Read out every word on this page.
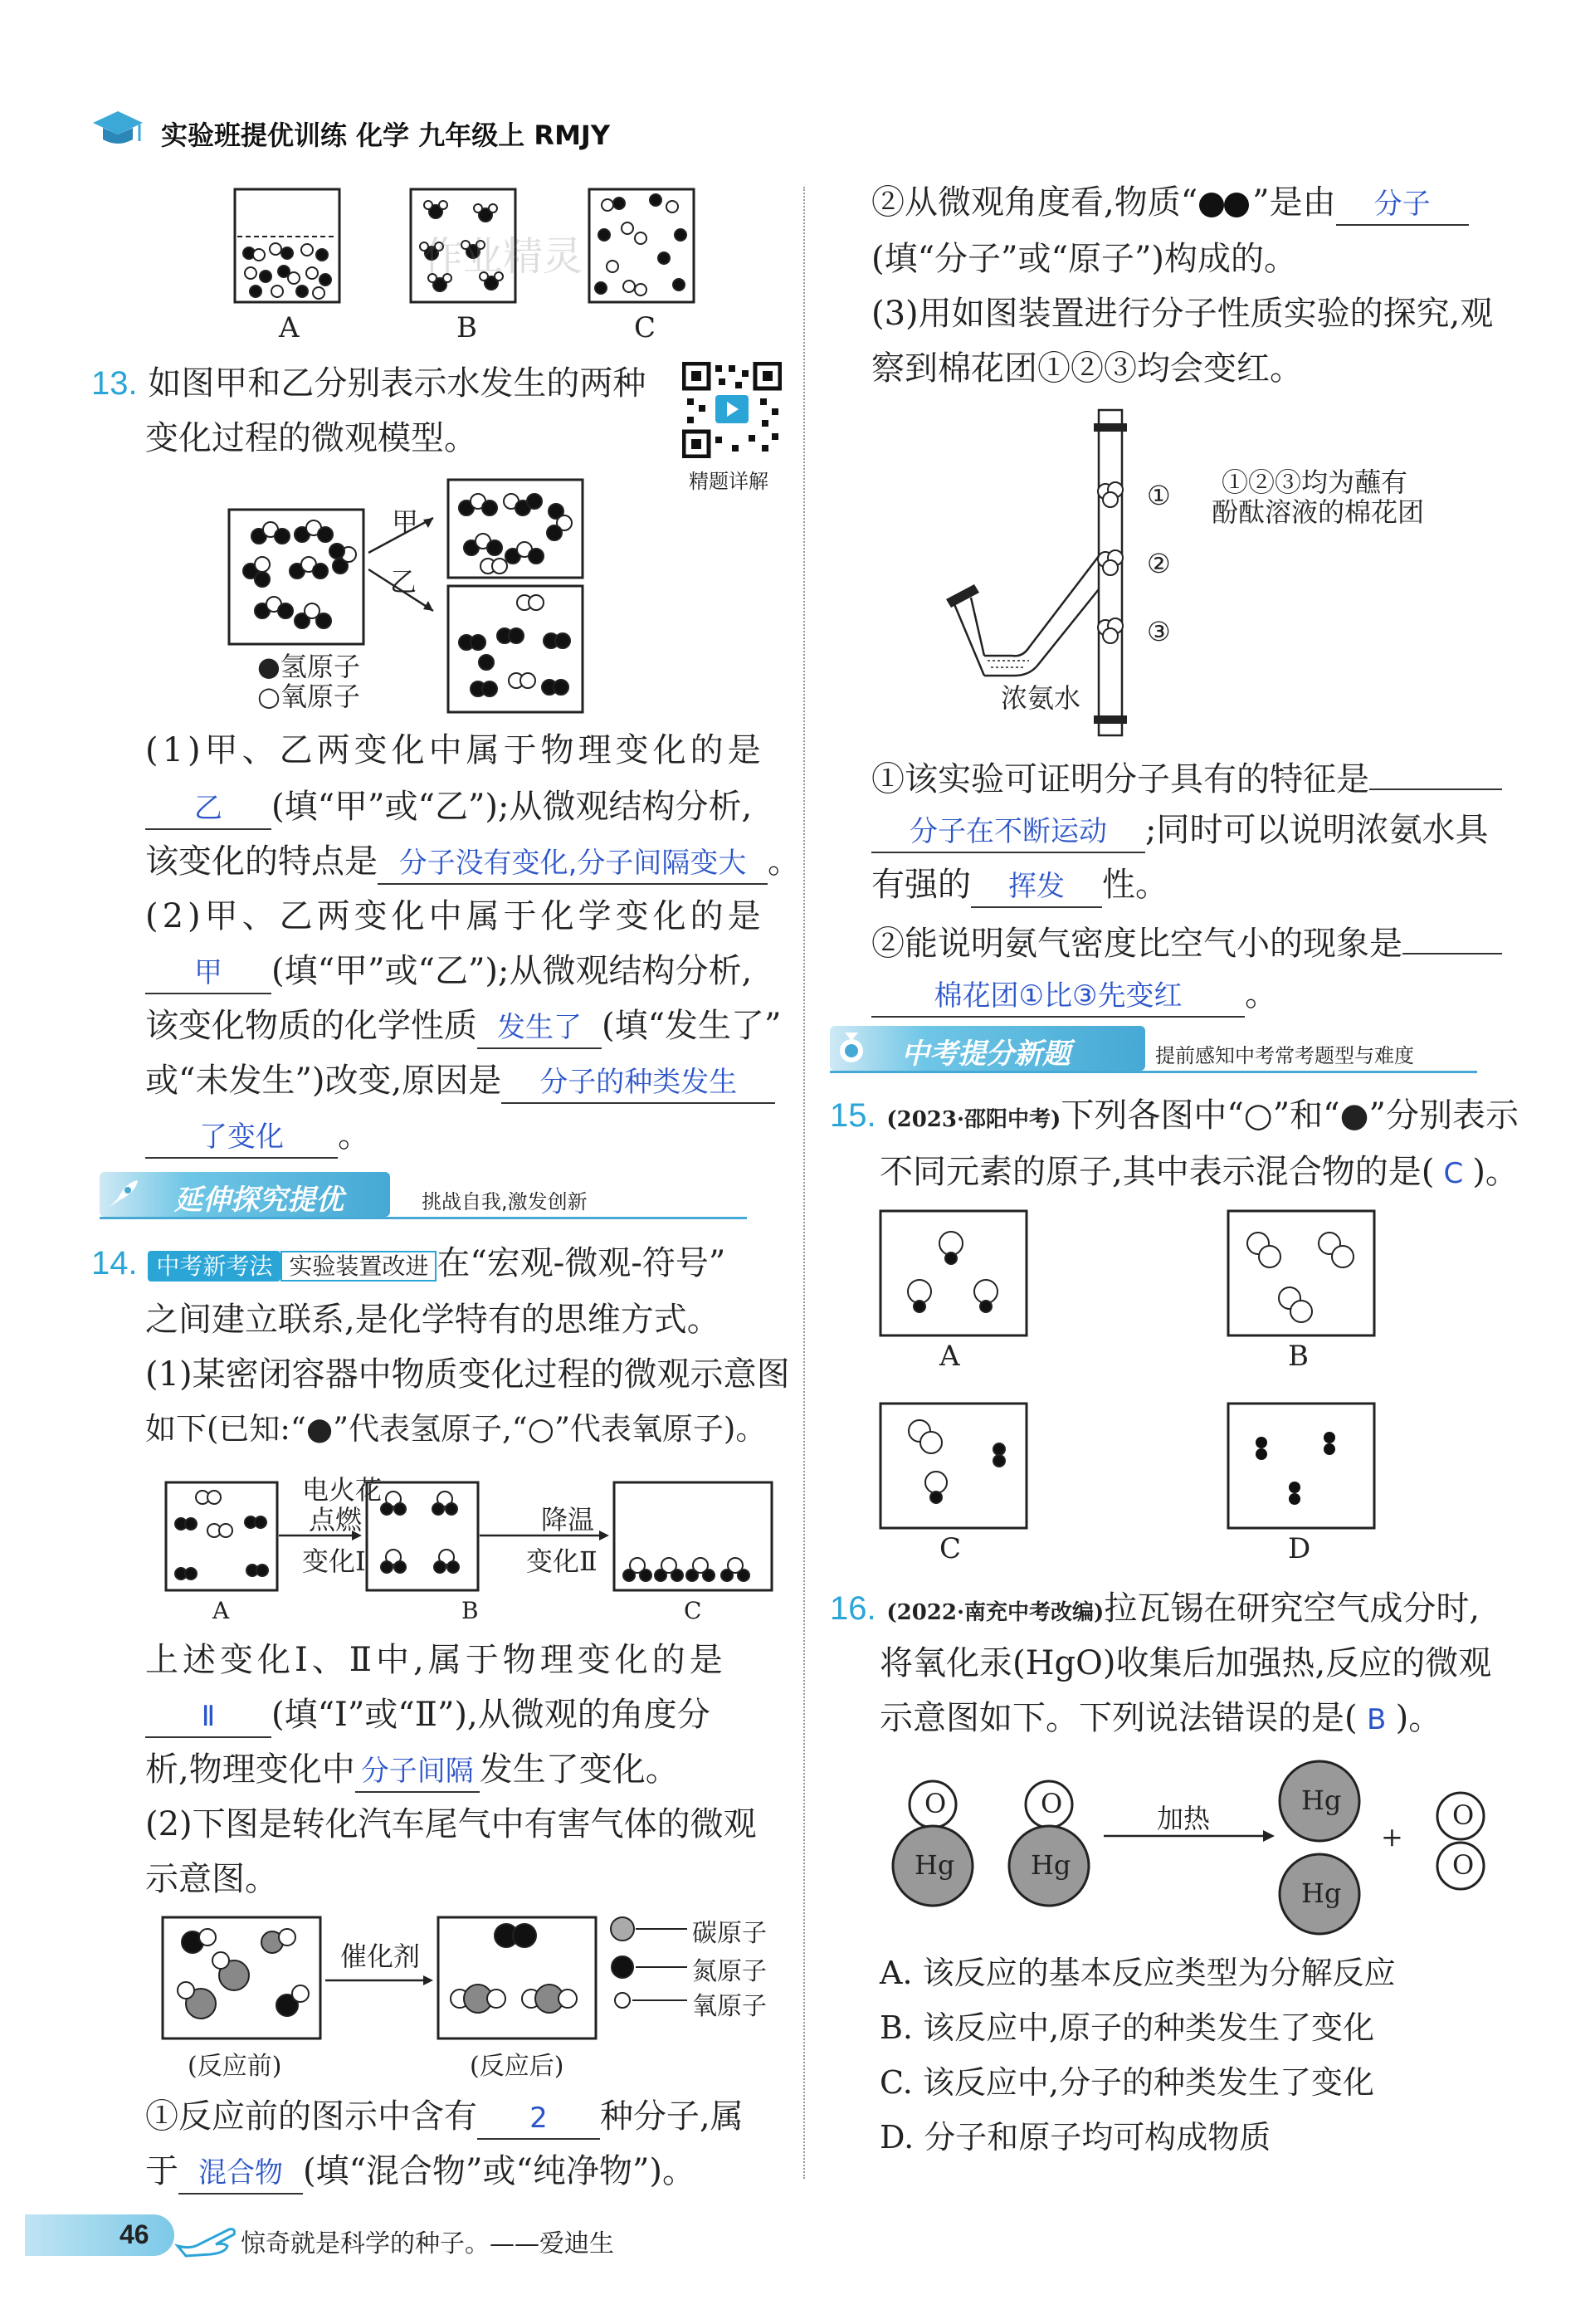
实验班提优训练 化学 九年级上 RMJY
A	B	C
作业精灵
13. 如图甲和乙分别表示水发生的两种
变化过程的微观模型。
精题详解
甲
乙
●氢原子
○氧原子
(1)甲、乙两变化中属于物理变化的是
乙 (填“甲”或“乙”);从微观结构分析,
该变化的特点是 分子没有变化,分子间隔变大 。
(2)甲、乙两变化中属于化学变化的是
甲 (填“甲”或“乙”);从微观结构分析,
该变化物质的化学性质 发生了 (填“发生了”
或“未发生”)改变,原因是 分子的种类发生
了变化 。
延伸探究提优	挑战自我,激发创新
14. 中考新考法 实验装置改进 在“宏观-微观-符号”
之间建立联系,是化学特有的思维方式。
(1)某密闭容器中物质变化过程的微观示意图
如下(已知:“●”代表氢原子,“○”代表氧原子)。
电火花
点燃
变化Ⅰ
降温
变化Ⅱ
A	B	C
上述变化Ⅰ、Ⅱ中,属于物理变化的是
Ⅱ (填“Ⅰ”或“Ⅱ”),从微观的角度分
析,物理变化中 分子间隔 发生了变化。
(2)下图是转化汽车尾气中有害气体的微观
示意图。
催化剂
碳原子
氮原子
氧原子
(反应前)	(反应后)
①反应前的图示中含有 2 种分子,属
于 混合物 (填“混合物”或“纯净物”)。
②从微观角度看,物质“ ”是由 分子
(填“分子”或“原子”)构成的。
(3)用如图装置进行分子性质实验的探究,观
察到棉花团①②③均会变红。
①
②
③
①②③均为蘸有
酚酞溶液的棉花团
浓氨水
①该实验可证明分子具有的特征是
分子在不断运动 ;同时可以说明浓氨水具
有强的 挥发 性。
②能说明氨气密度比空气小的现象是
棉花团①比③先变红 。
中考提分新题	提前感知中考常考题型与难度
15. (2023·邵阳中考)下列各图中“○”和“●”分别表示
不同元素的原子,其中表示混合物的是( C )。
A	B
C	D
16. (2022·南充中考改编)拉瓦锡在研究空气成分时,
将氧化汞(HgO)收集后加强热,反应的微观
示意图如下。下列说法错误的是( B )。
O
Hg
O
Hg
加热
Hg
Hg
+
O
O
A. 该反应的基本反应类型为分解反应
B. 该反应中,原子的种类发生了变化
C. 该反应中,分子的种类发生了变化
D. 分子和原子均可构成物质
46	惊奇就是科学的种子。——爱迪生
